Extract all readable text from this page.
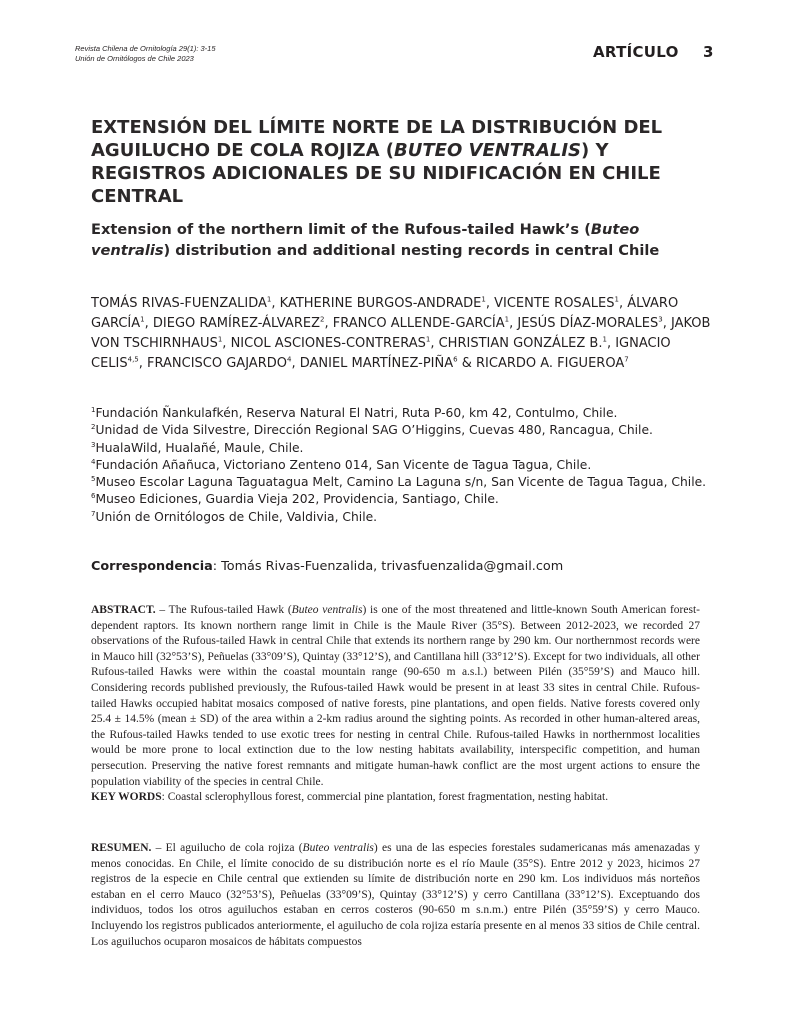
Revista Chilena de Ornitología 29(1): 3-15
Unión de Ornitólogos de Chile 2023	ARTÍCULO 3
EXTENSIÓN DEL LÍMITE NORTE DE LA DISTRIBUCIÓN DEL AGUILUCHO DE COLA ROJIZA (BUTEO VENTRALIS) Y REGISTROS ADICIONALES DE SU NIDIFICACIÓN EN CHILE CENTRAL
Extension of the northern limit of the Rufous-tailed Hawk’s (Buteo ventralis) distribution and additional nesting records in central Chile
TOMÁS RIVAS-FUENZALIDA$^1$, KATHERINE BURGOS-ANDRADE$^1$, VICENTE ROSALES$^1$, ÁLVARO GARCÍA$^1$, DIEGO RAMÍREZ-ÁLVAREZ$^2$, FRANCO ALLENDE-GARCÍA$^1$, JESÚS DÍAZ-MORALES$^3$, JAKOB VON TSCHIRNHAUS$^1$, NICOL ASCIONES-CONTRERAS$^1$, CHRISTIAN GONZÁLEZ B.$^1$, IGNACIO CELIS$^{4,5}$, FRANCISCO GAJARDO$^4$, DANIEL MARTÍNEZ-PIÑA$^6$ & RICARDO A. FIGUEROA$^7$
$^1$Fundación Ñankulafkén, Reserva Natural El Natri, Ruta P-60, km 42, Contulmo, Chile.
$^2$Unidad de Vida Silvestre, Dirección Regional SAG O’Higgins, Cuevas 480, Rancagua, Chile.
$^3$HualaWild, Hualañé, Maule, Chile.
$^4$Fundación Añañuca, Victoriano Zenteno 014, San Vicente de Tagua Tagua, Chile.
$^5$Museo Escolar Laguna Taguatagua Melt, Camino La Laguna s/n, San Vicente de Tagua Tagua, Chile.
$^6$Museo Ediciones, Guardia Vieja 202, Providencia, Santiago, Chile.
$^7$Unión de Ornitólogos de Chile, Valdivia, Chile.
Correspondencia: Tomás Rivas-Fuenzalida, trivasfuenzalida@gmail.com

ABSTRACT. – The Rufous-tailed Hawk (Buteo ventralis) is one of the most threatened and little-known South American forest-dependent raptors. Its known northern range limit in Chile is the Maule River (35°S). Between 2012-2023, we recorded 27 observations of the Rufous-tailed Hawk in central Chile that extends its northern range by 290 km. Our northernmost records were in Mauco hill (32°53’S), Peñuelas (33°09’S), Quintay (33°12’S), and Cantillana hill (33°12’S). Except for two individuals, all other Rufous-tailed Hawks were within the coastal mountain range (90-650 m a.s.l.) between Pilén (35°59’S) and Mauco hill. Considering records published previously, the Rufous-tailed Hawk would be present in at least 33 sites in central Chile. Rufous-tailed Hawks occupied habitat mosaics composed of native forests, pine plantations, and open fields. Native forests covered only 25.4 ± 14.5% (mean ± SD) of the area within a 2-km radius around the sighting points. As recorded in other human-altered areas, the Rufous-tailed Hawks tended to use exotic trees for nesting in central Chile. Rufous-tailed Hawks in northernmost localities would be more prone to local extinction due to the low nesting habitats availability, interspecific competition, and human persecution. Preserving the native forest remnants and mitigate human-hawk conflict are the most urgent actions to ensure the population viability of the species in central Chile.

KEY WORDS: Coastal sclerophyllous forest, commercial pine plantation, forest fragmentation, nesting habitat.

RESUMEN. – El aguilucho de cola rojiza (Buteo ventralis) es una de las especies forestales sudamericanas más amenazadas y menos conocidas. En Chile, el límite conocido de su distribución norte es el río Maule (35°S). Entre 2012 y 2023, hicimos 27 registros de la especie en Chile central que extienden su límite de distribución norte en 290 km. Los individuos más norteños estaban en el cerro Mauco (32°53’S), Peñuelas (33°09’S), Quintay (33°12’S) y cerro Cantillana (33°12’S). Exceptuando dos individuos, todos los otros aguiluchos estaban en cerros costeros (90-650 m s.n.m.) entre Pilén (35°59’S) y cerro Mauco. Incluyendo los registros publicados anteriormente, el aguilucho de cola rojiza estaría presente en al menos 33 sitios de Chile central. Los aguiluchos ocuparon mosaicos de hábitats compuestos
